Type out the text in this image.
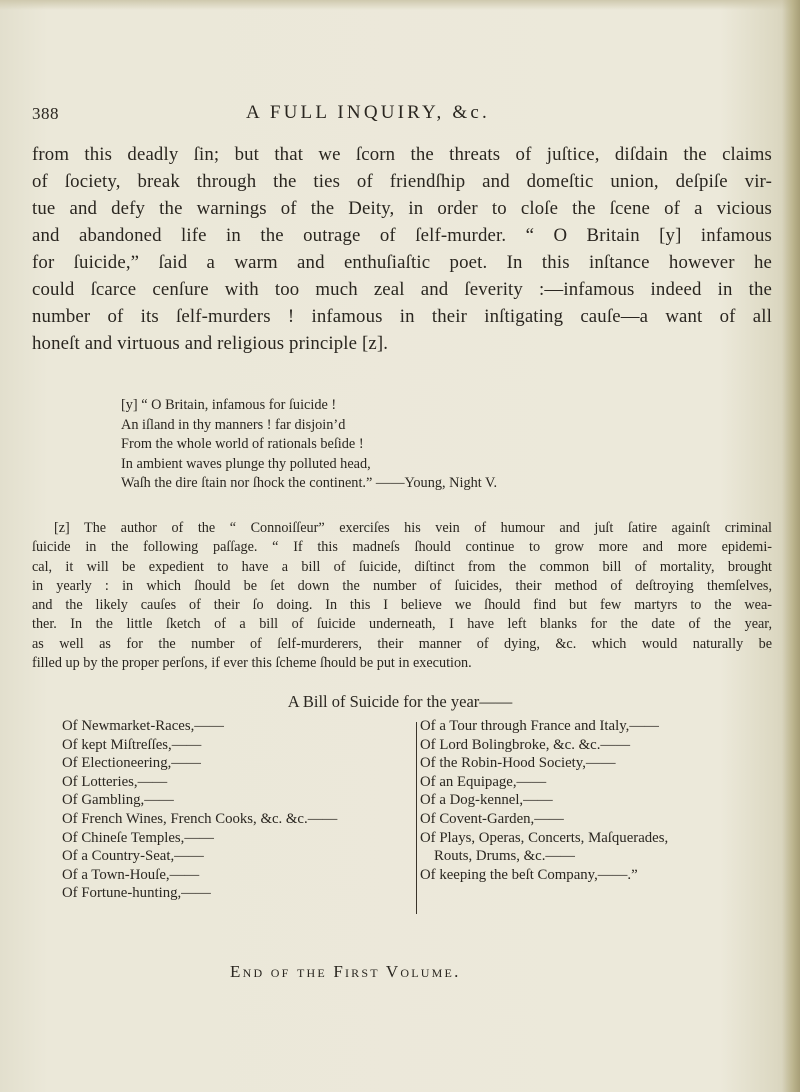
388	A FULL INQUIRY, &c.
from this deadly ſin; but that we ſcorn the threats of juſtice, diſdain the claims
of ſociety, break through the ties of friendſhip and domeſtic union, deſpiſe vir-
tue and defy the warnings of the Deity, in order to cloſe the ſcene of a vicious
and abandoned life in the outrage of ſelf-murder. “ O Britain [y] infamous
for ſuicide,” ſaid a warm and enthuſiaſtic poet. In this inſtance however he
could ſcarce cenſure with too much zeal and ſeverity :—infamous indeed in the
number of its ſelf-murders ! infamous in their inſtigating cauſe—a want of all
honeſt and virtuous and religious principle [z].
[y] “ O Britain, infamous for ſuicide !
An iſland in thy manners ! far disjoin’d
From the whole world of rationals beſide !
In ambient waves plunge thy polluted head,
Waſh the dire ſtain nor ſhock the continent.” ——Young, Night V.
[z] The author of the “ Connoiſſeur” exerciſes his vein of humour and juſt ſatire againſt criminal
ſuicide in the following paſſage. “ If this madneſs ſhould continue to grow more and more epidemi-
cal, it will be expedient to have a bill of ſuicide, diſtinct from the common bill of mortality, brought
in yearly : in which ſhould be ſet down the number of ſuicides, their method of deſtroying themſelves,
and the likely cauſes of their ſo doing. In this I believe we ſhould find but few martyrs to the wea-
ther. In the little ſketch of a bill of ſuicide underneath, I have left blanks for the date of the year,
as well as for the number of ſelf-murderers, their manner of dying, &c. which would naturally be
filled up by the proper perſons, if ever this ſcheme ſhould be put in execution.
A Bill of Suicide for the year——
Of Newmarket-Races,——
Of kept Miſtreſſes,——
Of Electioneering,——
Of Lotteries,——
Of Gambling,——
Of French Wines, French Cooks, &c. &c.——
Of Chineſe Temples,——
Of a Country-Seat,——
Of a Town-Houſe,——
Of Fortune-hunting,——
Of a Tour through France and Italy,——
Of Lord Bolingbroke, &c. &c.——
Of the Robin-Hood Society,——
Of an Equipage,——
Of a Dog-kennel,——
Of Covent-Garden,——
Of Plays, Operas, Concerts, Maſquerades,
Routs, Drums, &c.——
Of keeping the beſt Company,——.”
End of the First Volume.
